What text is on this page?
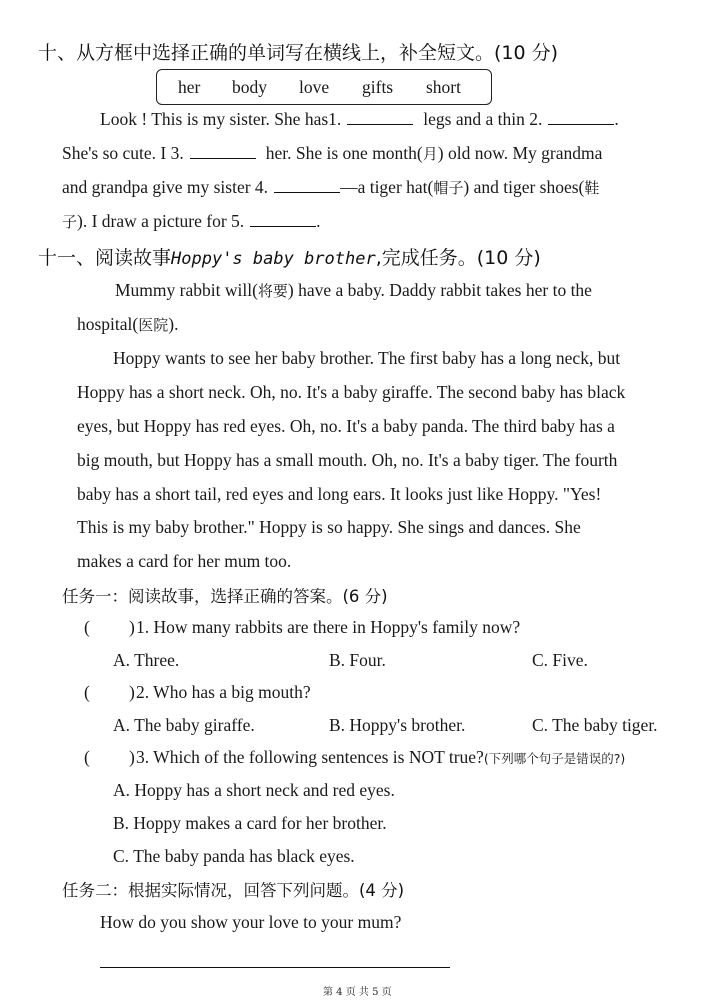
十、从方框中选择正确的单词写在横线上，补全短文。(10 分)
her body love gifts short
Look ! This is my sister. She has1.	legs and a thin 2.	.
She's so cute. I 3.	her. She is one month(月) old now. My grandma
and grandpa give my sister 4.	—a tiger hat(帽子) and tiger shoes(鞋
子). I draw a picture for 5.	.
十一、阅读故事Hoppy's baby brother,完成任务。(10 分)
Mummy rabbit will(将要) have a baby. Daddy rabbit takes her to the
hospital(医院).
Hoppy wants to see her baby brother. The first baby has a long neck, but
Hoppy has a short neck. Oh, no. It's a baby giraffe. The second baby has black
eyes, but Hoppy has red eyes. Oh, no. It's a baby panda. The third baby has a
big mouth, but Hoppy has a small mouth. Oh, no. It's a baby tiger. The fourth
baby has a short tail, red eyes and long ears. It looks just like Hoppy. "Yes!
This is my baby brother." Hoppy is so happy. She sings and dances. She
makes a card for her mum too.
任务一：阅读故事，选择正确的答案。(6 分)
( ) 1. How many rabbits are there in Hoppy's family now?
A. Three.	B. Four.	C. Five.
( ) 2. Who has a big mouth?
A. The baby giraffe.	B. Hoppy's brother.	C. The baby tiger.
( ) 3. Which of the following sentences is NOT true?(下列哪个句子是错误的?)
A. Hoppy has a short neck and red eyes.
B. Hoppy makes a card for her brother.
C. The baby panda has black eyes.
任务二：根据实际情况，回答下列问题。(4 分)
How do you show your love to your mum?
第 4 页 共 5 页
